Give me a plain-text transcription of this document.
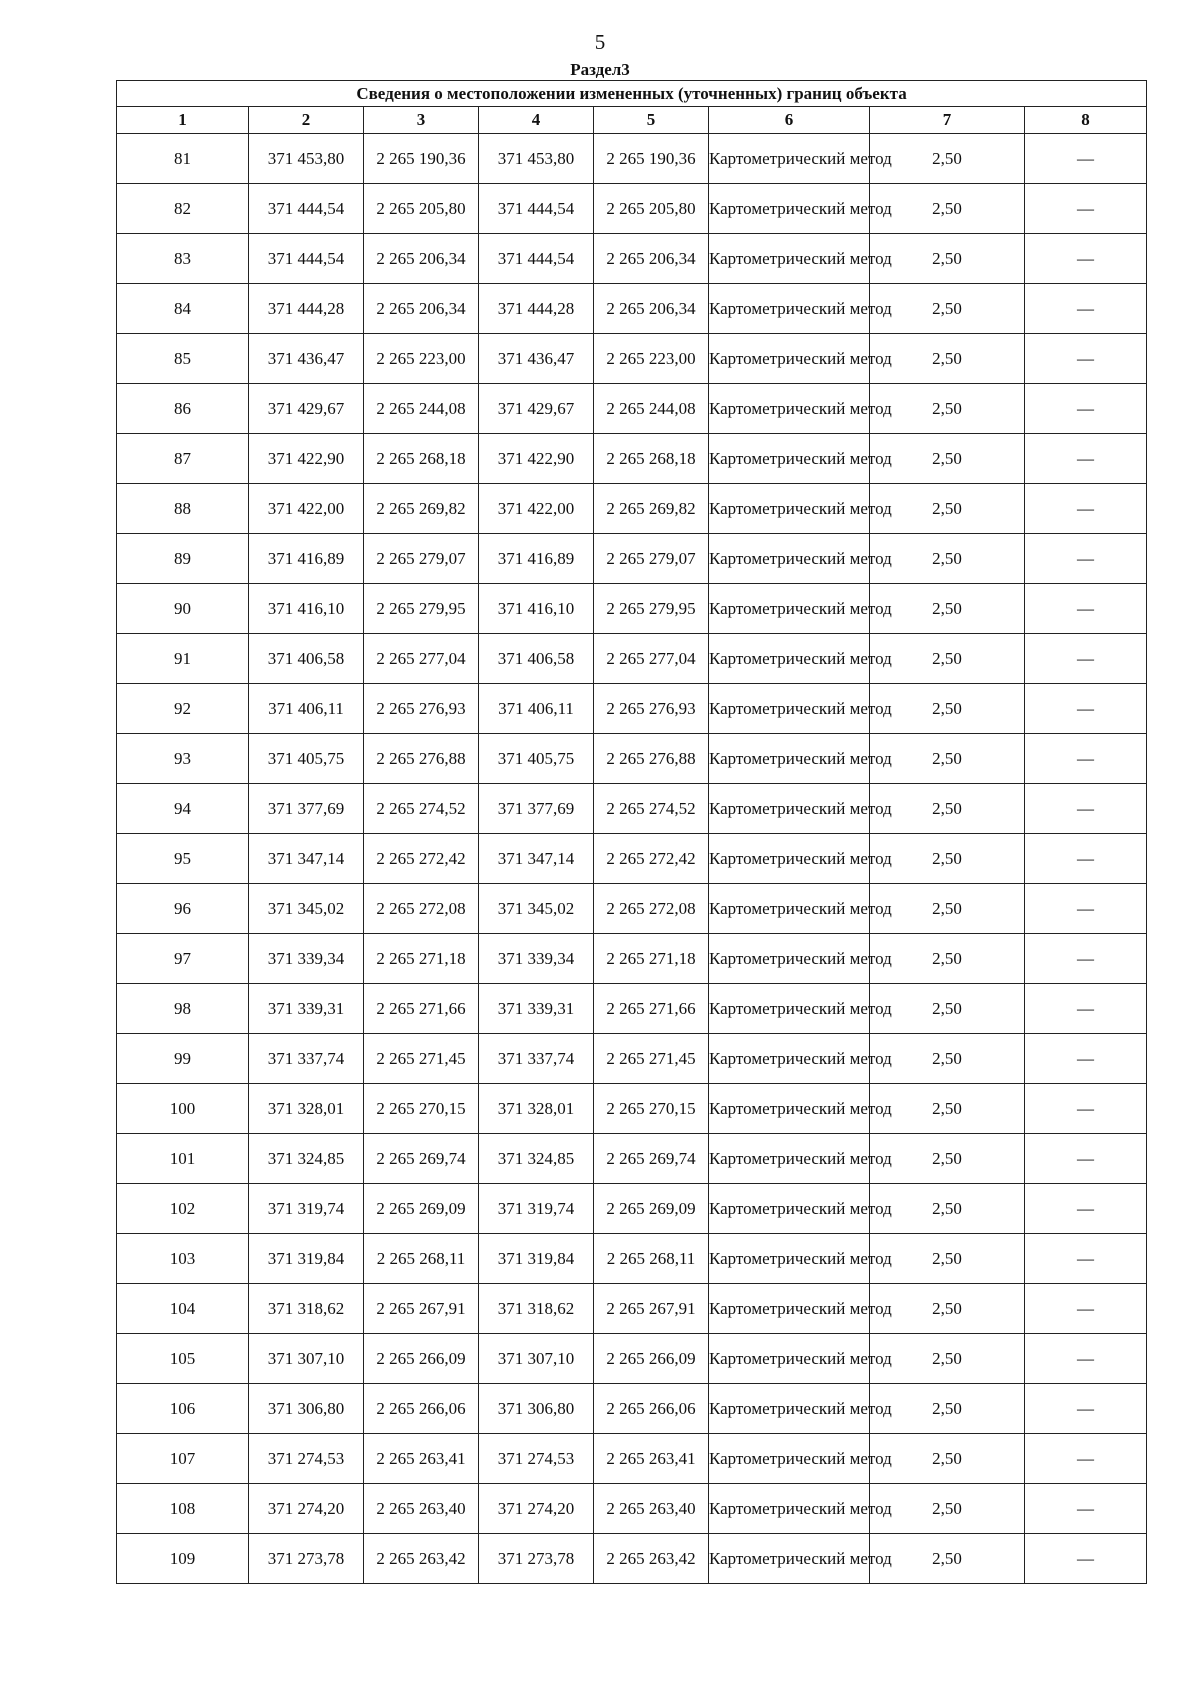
5
Раздел3
Сведения о местоположении измененных (уточненных) границ объекта							
1	2	3	4	5	6	7	8
81	371 453,80	2 265 190,36	371 453,80	2 265 190,36	Картометрический метод	2,50	—
82	371 444,54	2 265 205,80	371 444,54	2 265 205,80	Картометрический метод	2,50	—
83	371 444,54	2 265 206,34	371 444,54	2 265 206,34	Картометрический метод	2,50	—
84	371 444,28	2 265 206,34	371 444,28	2 265 206,34	Картометрический метод	2,50	—
85	371 436,47	2 265 223,00	371 436,47	2 265 223,00	Картометрический метод	2,50	—
86	371 429,67	2 265 244,08	371 429,67	2 265 244,08	Картометрический метод	2,50	—
87	371 422,90	2 265 268,18	371 422,90	2 265 268,18	Картометрический метод	2,50	—
88	371 422,00	2 265 269,82	371 422,00	2 265 269,82	Картометрический метод	2,50	—
89	371 416,89	2 265 279,07	371 416,89	2 265 279,07	Картометрический метод	2,50	—
90	371 416,10	2 265 279,95	371 416,10	2 265 279,95	Картометрический метод	2,50	—
91	371 406,58	2 265 277,04	371 406,58	2 265 277,04	Картометрический метод	2,50	—
92	371 406,11	2 265 276,93	371 406,11	2 265 276,93	Картометрический метод	2,50	—
93	371 405,75	2 265 276,88	371 405,75	2 265 276,88	Картометрический метод	2,50	—
94	371 377,69	2 265 274,52	371 377,69	2 265 274,52	Картометрический метод	2,50	—
95	371 347,14	2 265 272,42	371 347,14	2 265 272,42	Картометрический метод	2,50	—
96	371 345,02	2 265 272,08	371 345,02	2 265 272,08	Картометрический метод	2,50	—
97	371 339,34	2 265 271,18	371 339,34	2 265 271,18	Картометрический метод	2,50	—
98	371 339,31	2 265 271,66	371 339,31	2 265 271,66	Картометрический метод	2,50	—
99	371 337,74	2 265 271,45	371 337,74	2 265 271,45	Картометрический метод	2,50	—
100	371 328,01	2 265 270,15	371 328,01	2 265 270,15	Картометрический метод	2,50	—
101	371 324,85	2 265 269,74	371 324,85	2 265 269,74	Картометрический метод	2,50	—
102	371 319,74	2 265 269,09	371 319,74	2 265 269,09	Картометрический метод	2,50	—
103	371 319,84	2 265 268,11	371 319,84	2 265 268,11	Картометрический метод	2,50	—
104	371 318,62	2 265 267,91	371 318,62	2 265 267,91	Картометрический метод	2,50	—
105	371 307,10	2 265 266,09	371 307,10	2 265 266,09	Картометрический метод	2,50	—
106	371 306,80	2 265 266,06	371 306,80	2 265 266,06	Картометрический метод	2,50	—
107	371 274,53	2 265 263,41	371 274,53	2 265 263,41	Картометрический метод	2,50	—
108	371 274,20	2 265 263,40	371 274,20	2 265 263,40	Картометрический метод	2,50	—
109	371 273,78	2 265 263,42	371 273,78	2 265 263,42	Картометрический метод	2,50	—
